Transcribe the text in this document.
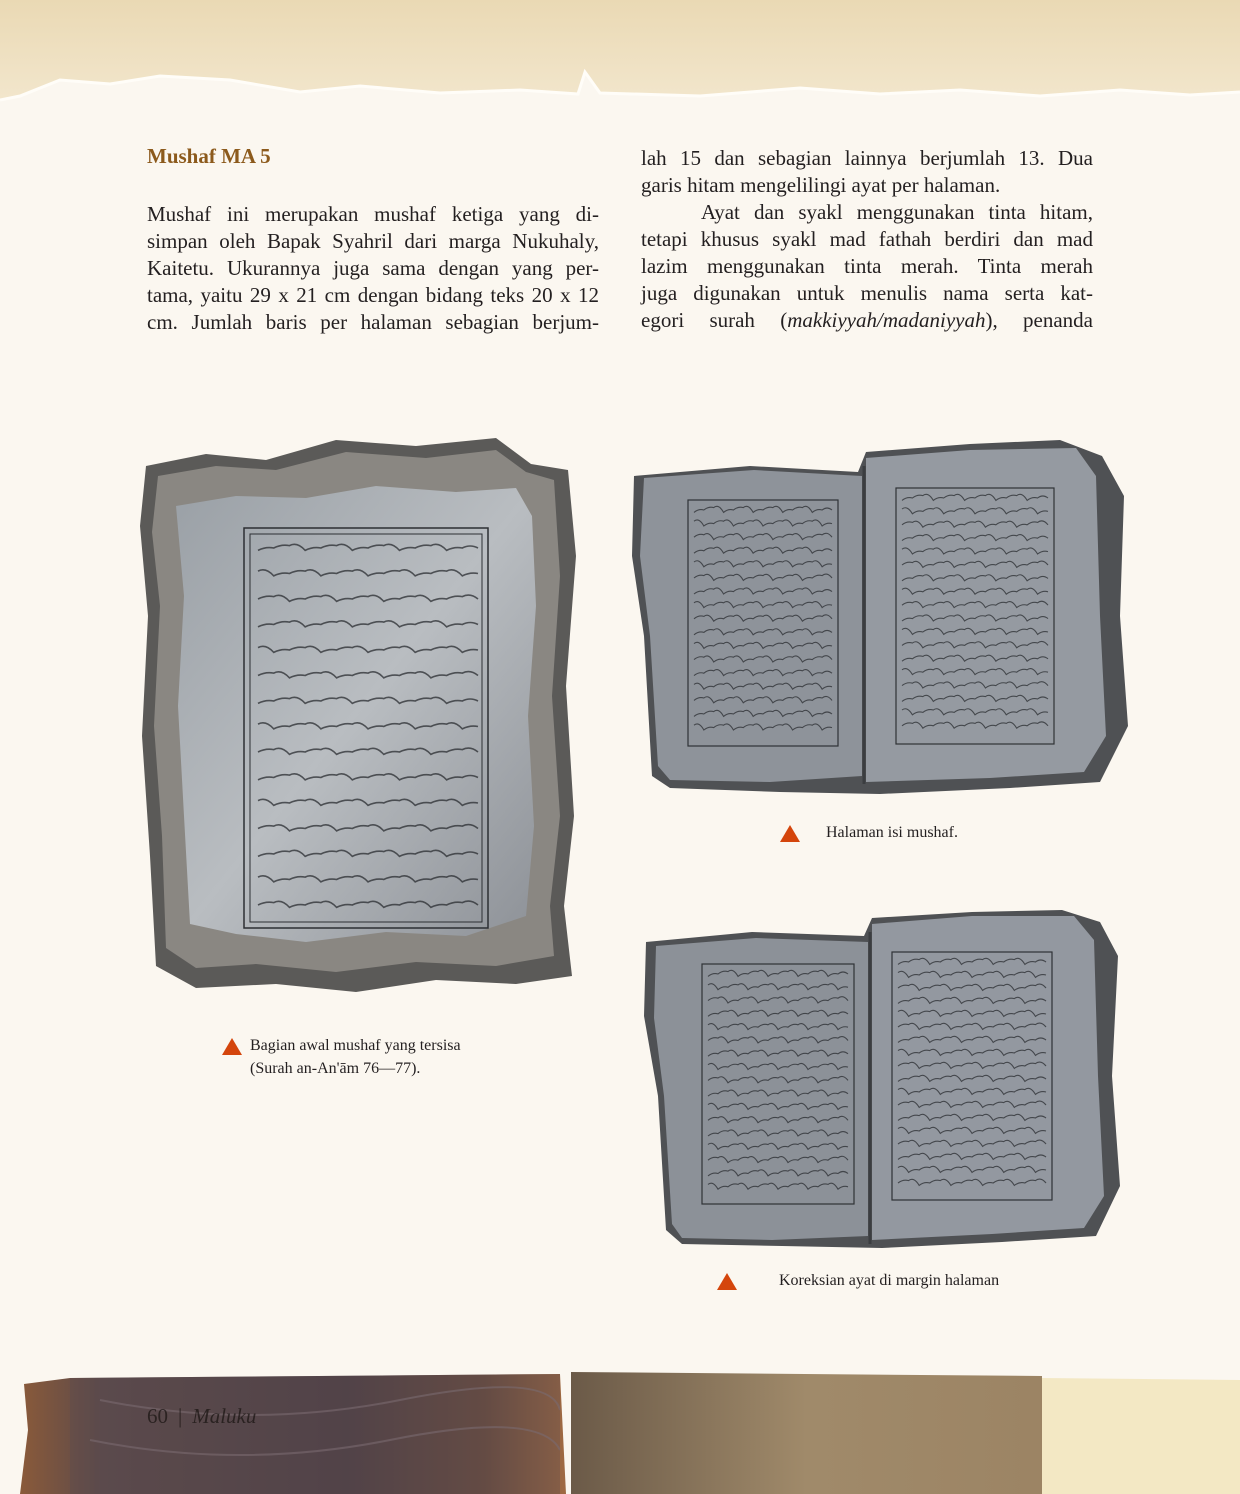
Mushaf MA 5
Mushaf ini merupakan mushaf ketiga yang di-
simpan oleh Bapak Syahril dari marga Nukuhaly,
Kaitetu. Ukurannya juga sama dengan yang per-
tama, yaitu 29 x 21 cm dengan bidang teks 20 x 12
cm. Jumlah baris per halaman sebagian berjum-
lah 15 dan sebagian lainnya berjumlah 13. Dua
garis hitam mengelilingi ayat per halaman.
Ayat dan syakl menggunakan tinta hitam,
tetapi khusus syakl mad fathah berdiri dan mad
lazim menggunakan tinta merah. Tinta merah
juga digunakan untuk menulis nama serta kat-
egori surah (makkiyyah/madaniyyah), penanda
Halaman isi mushaf.
Bagian awal mushaf yang tersisa
(Surah an-An'ām 76—77).
Koreksian ayat di margin halaman
60 | Maluku
